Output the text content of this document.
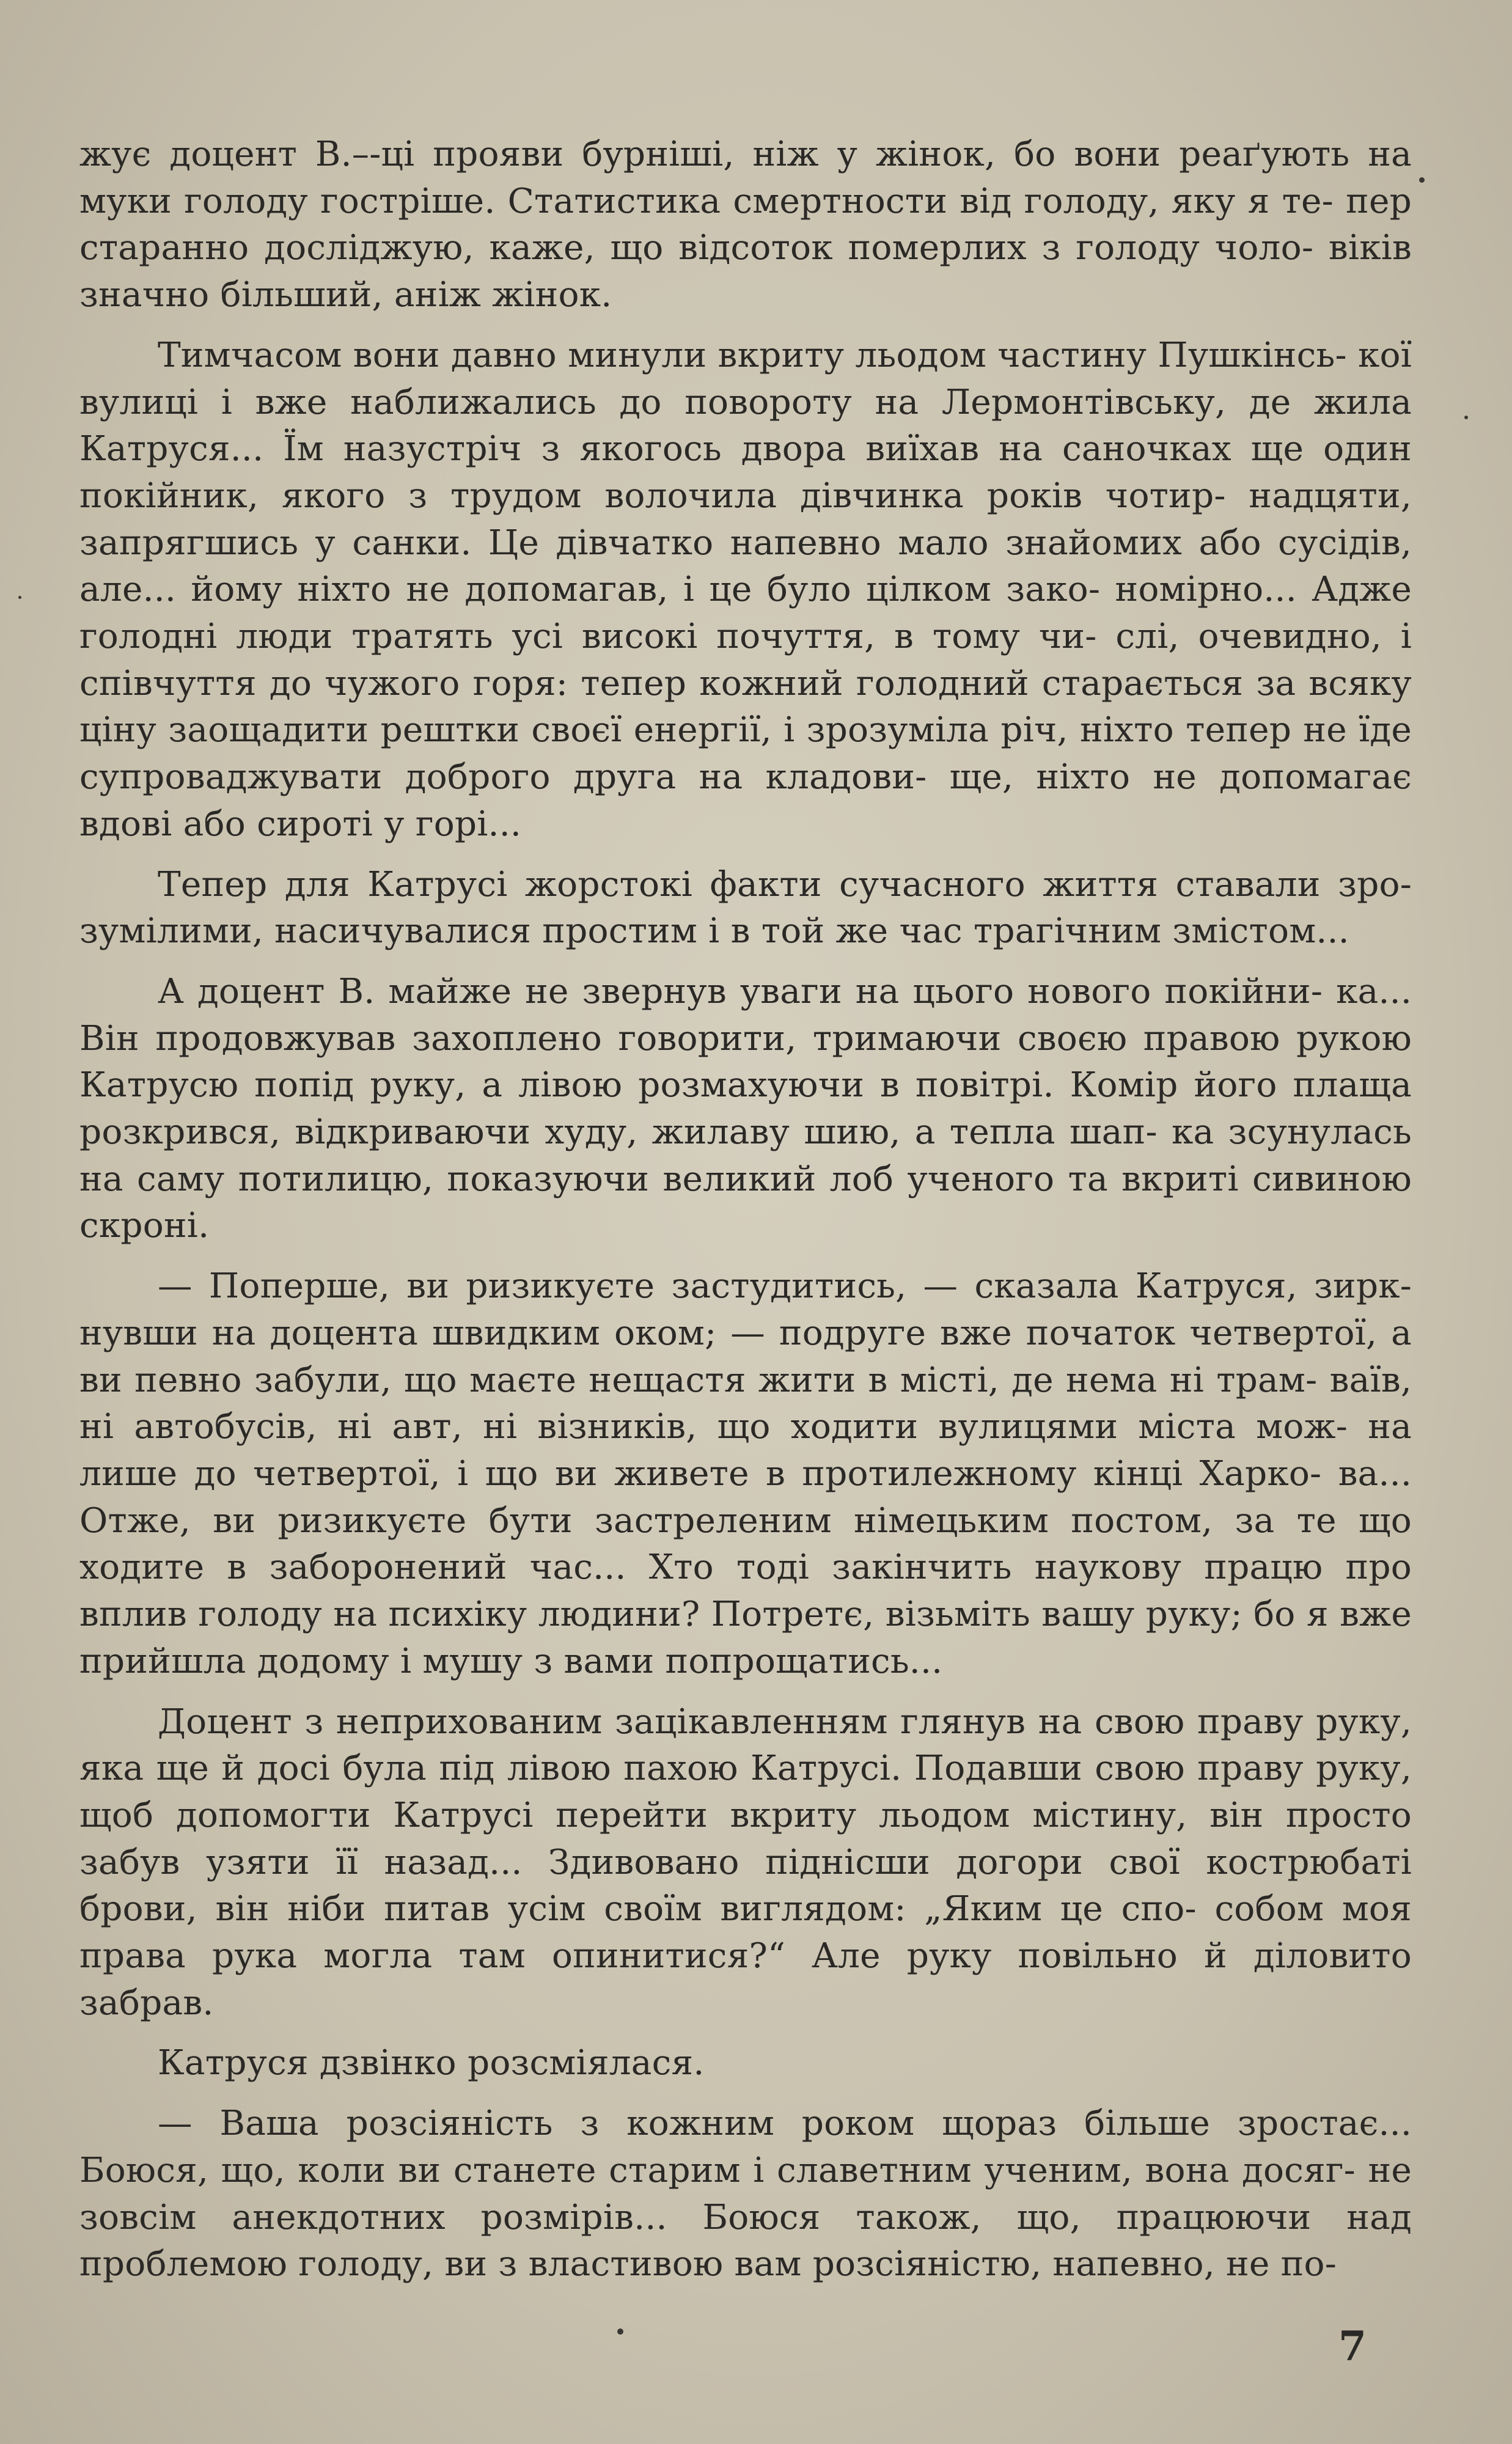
жує доцент В.–-ці прояви бурніші, ніж у жінок, бо вони реаґують на муки голоду гостріше. Статистика смертности від голоду, яку я те- пер старанно досліджую, каже, що відсоток померлих з голоду чоло- віків значно більший, аніж жінок.

Тимчасом вони давно минули вкриту льодом частину Пушкінсь- кої вулиці і вже наближались до повороту на Лермонтівську, де жила Катруся... Їм назустріч з якогось двора виїхав на саночках ще один покійник, якого з трудом волочила дівчинка років чотир- надцяти, запрягшись у санки. Це дівчатко напевно мало знайомих або сусідів, але... йому ніхто не допомагав, і це було цілком зако- номірно... Адже голодні люди тратять усі високі почуття, в тому чи- слі, очевидно, і співчуття до чужого горя: тепер кожний голодний старається за всяку ціну заощадити рештки своєї енергії, і зрозуміла річ, ніхто тепер не їде супроваджувати доброго друга на кладови- ще, ніхто не допомагає вдові або сироті у горі...

Тепер для Катрусі жорстокі факти сучасного життя ставали зро- зумілими, насичувалися простим і в той же час трагічним змістом...

А доцент В. майже не звернув уваги на цього нового покійни- ка... Він продовжував захоплено говорити, тримаючи своєю правою рукою Катрусю попід руку, а лівою розмахуючи в повітрі. Комір його плаща розкрився, відкриваючи худу, жилаву шию, а тепла шап- ка зсунулась на саму потилицю, показуючи великий лоб ученого та вкриті сивиною скроні.

— Поперше, ви ризикуєте застудитись, — сказала Катруся, зирк- нувши на доцента швидким оком; — подруге вже початок четвертої, а ви певно забули, що маєте нещастя жити в місті, де нема ні трам- ваїв, ні автобусів, ні авт, ні візників, що ходити вулицями міста мож- на лише до четвертої, і що ви живете в протилежному кінці Харко- ва... Отже, ви ризикуєте бути застреленим німецьким постом, за те що ходите в заборонений час... Хто тоді закінчить наукову працю про вплив голоду на психіку людини? Потретє, візьміть вашу руку; бо я вже прийшла додому і мушу з вами попрощатись...

Доцент з неприхованим зацікавленням глянув на свою праву руку, яка ще й досі була під лівою пахою Катрусі. Подавши свою праву руку, щоб допомогти Катрусі перейти вкриту льодом містину, він просто забув узяти її назад... Здивовано піднісши догори свої кострюбаті брови, він ніби питав усім своїм виглядом: „Яким це спо- собом моя права рука могла там опинитися?“ Але руку повільно й діловито забрав.

Катруся дзвінко розсміялася.

— Ваша розсіяність з кожним роком щораз більше зростає... Боюся, що, коли ви станете старим і славетним ученим, вона досяг- не зовсім анекдотних розмірів... Боюся також, що, працюючи над проблемою голоду, ви з властивою вам розсіяністю, напевно, не по-

7
